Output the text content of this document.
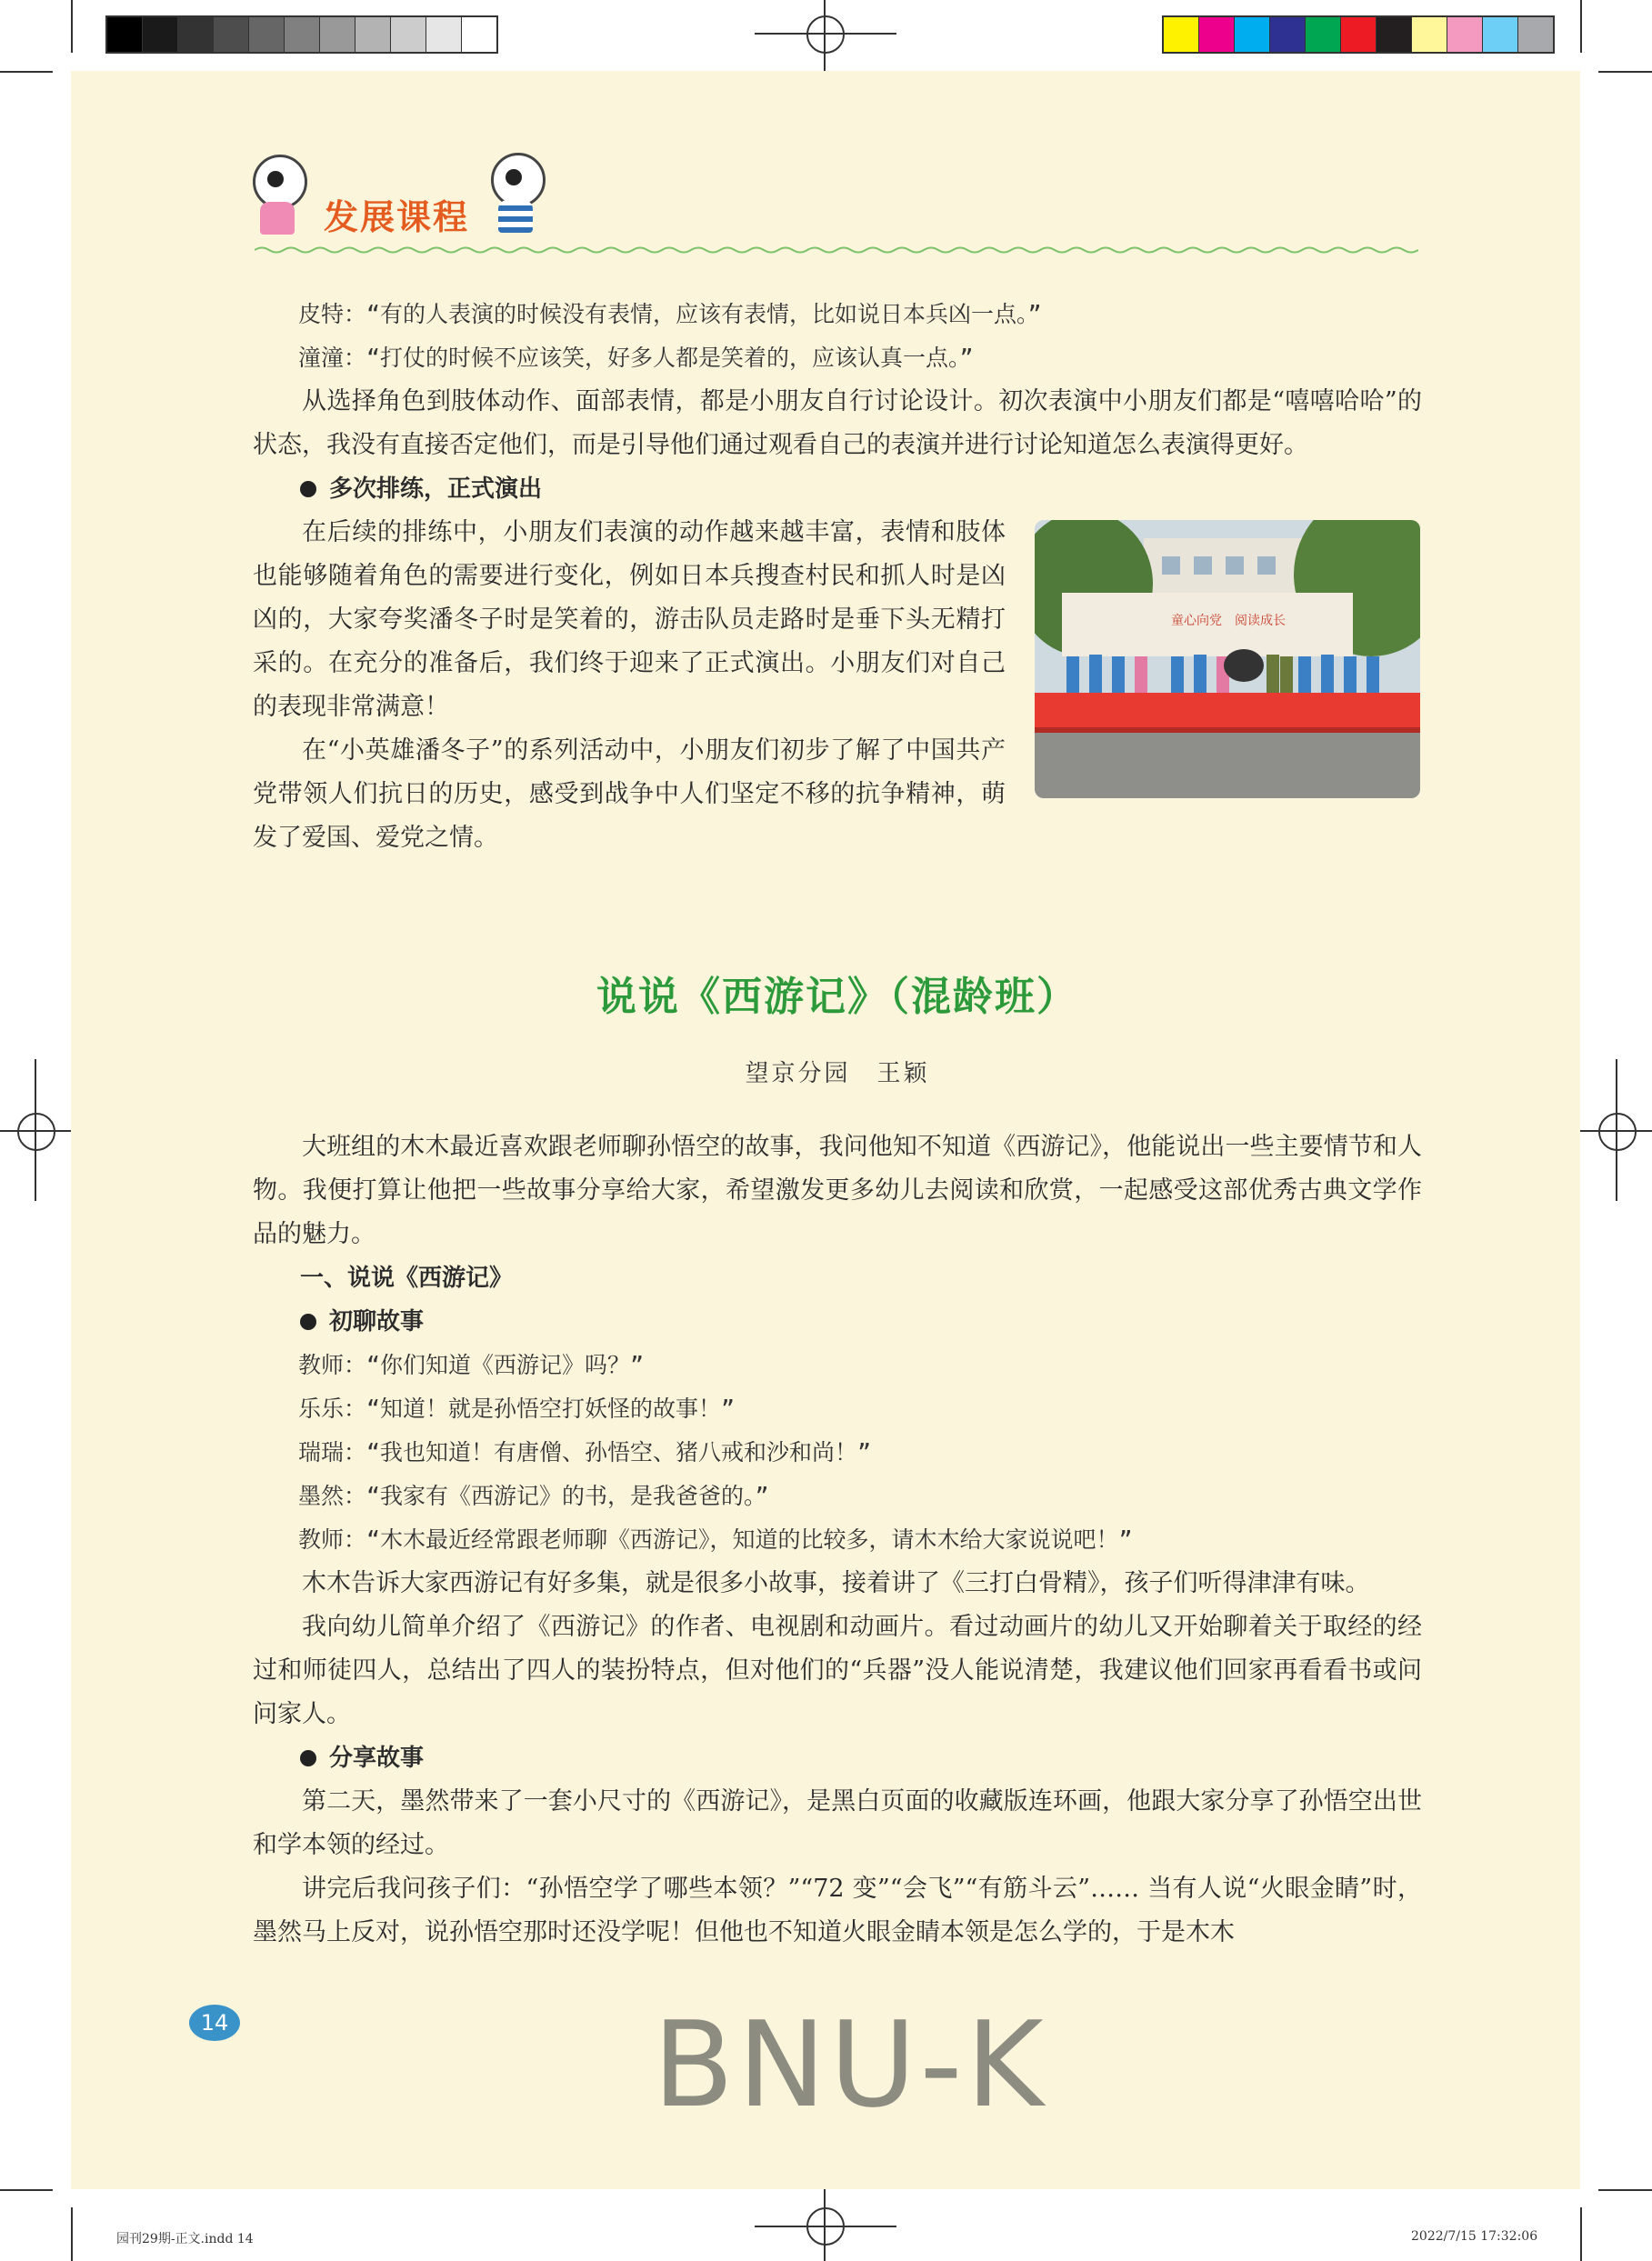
发展课程

皮特：“有的人表演的时候没有表情，应该有表情，比如说日本兵凶一点。”

潼潼：“打仗的时候不应该笑，好多人都是笑着的，应该认真一点。”

从选择角色到肢体动作、面部表情，都是小朋友自行讨论设计。初次表演中小朋友们都是“嘻嘻哈哈”的状态，我没有直接否定他们，而是引导他们通过观看自己的表演并进行讨论知道怎么表演得更好。

多次排练，正式演出

在后续的排练中，小朋友们表演的动作越来越丰富，表情和肢体也能够随着角色的需要进行变化，例如日本兵搜查村民和抓人时是凶凶的，大家夸奖潘冬子时是笑着的，游击队员走路时是垂下头无精打采的。在充分的准备后，我们终于迎来了正式演出。小朋友们对自己的表现非常满意！

在“小英雄潘冬子”的系列活动中，小朋友们初步了解了中国共产党带领人们抗日的历史，感受到战争中人们坚定不移的抗争精神，萌发了爱国、爱党之情。

童心向党　阅读成长
说说《西游记》（混龄班）
望京分园　王颖

大班组的木木最近喜欢跟老师聊孙悟空的故事，我问他知不知道《西游记》，他能说出一些主要情节和人物。我便打算让他把一些故事分享给大家，希望激发更多幼儿去阅读和欣赏，一起感受这部优秀古典文学作品的魅力。

一、说说《西游记》

初聊故事

教师：“你们知道《西游记》吗？”

乐乐：“知道！就是孙悟空打妖怪的故事！”

瑞瑞：“我也知道！有唐僧、孙悟空、猪八戒和沙和尚！”

墨然：“我家有《西游记》的书，是我爸爸的。”

教师：“木木最近经常跟老师聊《西游记》，知道的比较多，请木木给大家说说吧！”

木木告诉大家西游记有好多集，就是很多小故事，接着讲了《三打白骨精》，孩子们听得津津有味。

我向幼儿简单介绍了《西游记》的作者、电视剧和动画片。看过动画片的幼儿又开始聊着关于取经的经过和师徒四人，总结出了四人的装扮特点，但对他们的“兵器”没人能说清楚，我建议他们回家再看看书或问问家人。

分享故事

第二天，墨然带来了一套小尺寸的《西游记》，是黑白页面的收藏版连环画，他跟大家分享了孙悟空出世和学本领的经过。

讲完后我问孩子们：“孙悟空学了哪些本领？”“72 变”“会飞”“有筋斗云”…… 当有人说“火眼金睛”时，墨然马上反对，说孙悟空那时还没学呢！但他也不知道火眼金睛本领是怎么学的，于是木木

14	BNU-K
园刊29期-正文.indd 14	2022/7/15 17:32:06
